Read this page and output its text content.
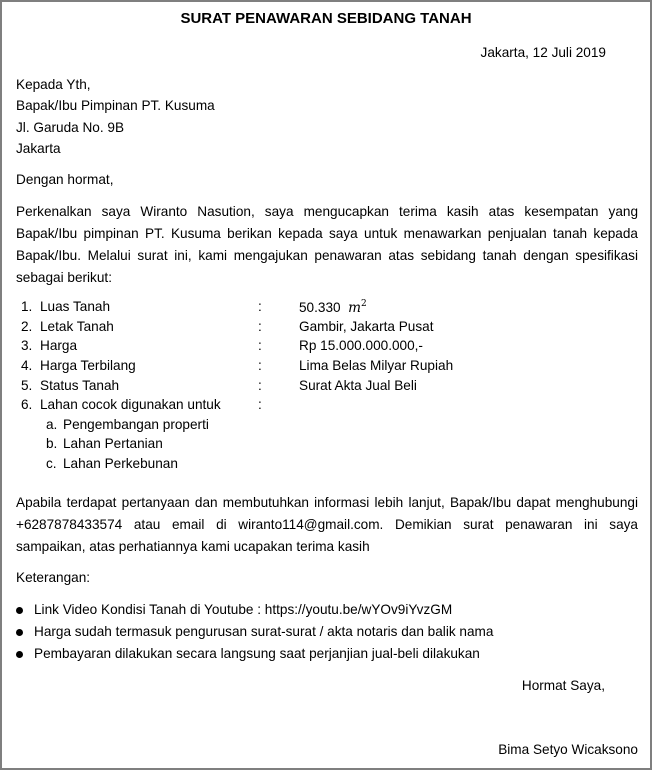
SURAT PENAWARAN SEBIDANG TANAH
Jakarta, 12 Juli 2019
Kepada Yth,
Bapak/Ibu Pimpinan PT. Kusuma
Jl. Garuda No. 9B
Jakarta
Dengan hormat,
Perkenalkan saya Wiranto Nasution, saya mengucapkan terima kasih atas kesempatan yang Bapak/Ibu pimpinan PT. Kusuma berikan kepada saya untuk menawarkan penjualan tanah kepada Bapak/Ibu. Melalui surat ini, kami mengajukan penawaran atas sebidang tanah dengan spesifikasi sebagai berikut:
1. Luas Tanah	:	50.330 $m^2$
2. Letak Tanah	:	Gambir, Jakarta Pusat
3. Harga	:	Rp 15.000.000.000,-
4. Harga Terbilang	:	Lima Belas Milyar Rupiah
5. Status Tanah	:	Surat Akta Jual Beli
6. Lahan cocok digunakan untuk	:
a. Pengembangan properti
b. Lahan Pertanian
c. Lahan Perkebunan
Apabila terdapat pertanyaan dan membutuhkan informasi lebih lanjut, Bapak/Ibu dapat menghubungi +6287878433574 atau email di wiranto114@gmail.com. Demikian surat penawaran ini saya sampaikan, atas perhatiannya kami ucapakan terima kasih
Keterangan:
Link Video Kondisi Tanah di Youtube : https://youtu.be/wYOv9iYvzGM
Harga sudah termasuk pengurusan surat-surat / akta notaris dan balik nama
Pembayaran dilakukan secara langsung saat perjanjian jual-beli dilakukan
Hormat Saya,
Bima Setyo Wicaksono
